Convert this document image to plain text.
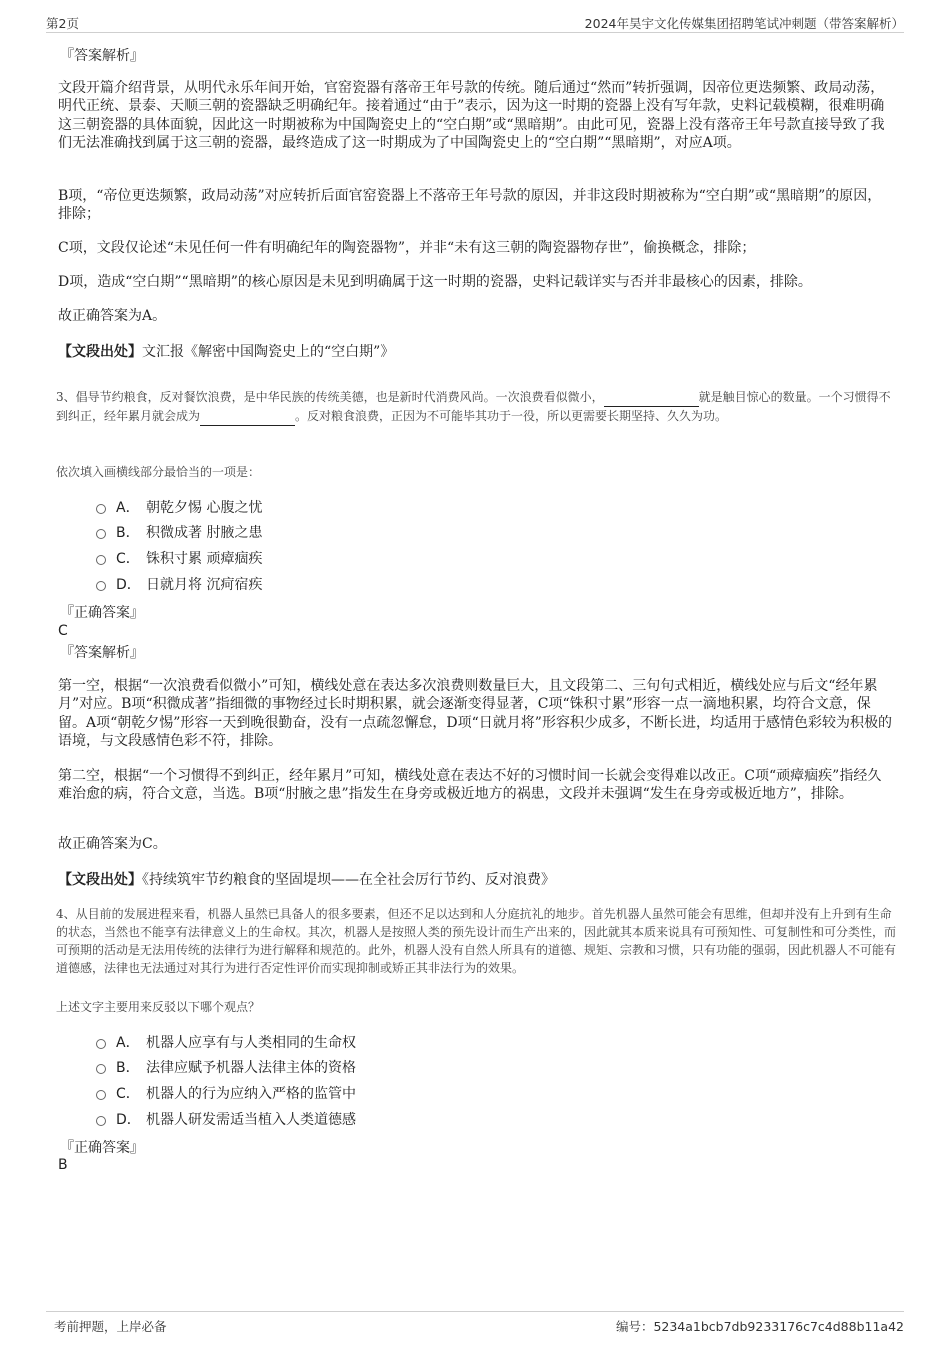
第2页	2024年昊宇文化传媒集团招聘笔试冲刺题（带答案解析）
『答案解析』

文段开篇介绍背景，从明代永乐年间开始，官窑瓷器有落帝王年号款的传统。随后通过“然而”转折强调，因帝位更迭频繁、政局动荡，明代正统、景泰、天顺三朝的瓷器缺乏明确纪年。接着通过“由于”表示，因为这一时期的瓷器上没有写年款，史料记载模糊，很难明确这三朝瓷器的具体面貌，因此这一时期被称为中国陶瓷史上的“空白期”或“黑暗期”。由此可见，瓷器上没有落帝王年号款直接导致了我们无法准确找到属于这三朝的瓷器，最终造成了这一时期成为了中国陶瓷史上的“空白期”“黑暗期”，对应A项。

B项，“帝位更迭频繁，政局动荡”对应转折后面官窑瓷器上不落帝王年号款的原因，并非这段时期被称为“空白期”或“黑暗期”的原因，排除；

C项，文段仅论述“未见任何一件有明确纪年的陶瓷器物”，并非“未有这三朝的陶瓷器物存世”，偷换概念，排除；

D项，造成“空白期”“黑暗期”的核心原因是未见到明确属于这一时期的瓷器，史料记载详实与否并非最核心的因素，排除。

故正确答案为A。

【文段出处】文汇报《解密中国陶瓷史上的“空白期”》

3、倡导节约粮食，反对餐饮浪费，是中华民族的传统美德，也是新时代消费风尚。一次浪费看似微小，	就是触目惊心的数量。一个习惯得不到纠正，经年累月就会成为	。反对粮食浪费，正因为不可能毕其功于一役，所以更需要长期坚持、久久为功。

依次填入画横线部分最恰当的一项是：
A． 朝乾夕惕 心腹之忧
B． 积微成著 肘腋之患
C． 铢积寸累 顽瘴痼疾
D． 日就月将 沉疴宿疾
『正确答案』
C
『答案解析』

第一空，根据“一次浪费看似微小”可知，横线处意在表达多次浪费则数量巨大，且文段第二、三句句式相近，横线处应与后文“经年累月”对应。B项“积微成著”指细微的事物经过长时期积累，就会逐渐变得显著，C项“铢积寸累”形容一点一滴地积累，均符合文意，保留。A项“朝乾夕惕”形容一天到晚很勤奋，没有一点疏忽懈怠，D项“日就月将”形容积少成多，不断长进，均适用于感情色彩较为积极的语境，与文段感情色彩不符，排除。

第二空，根据“一个习惯得不到纠正，经年累月”可知，横线处意在表达不好的习惯时间一长就会变得难以改正。C项“顽瘴痼疾”指经久难治愈的病，符合文意，当选。B项“肘腋之患”指发生在身旁或极近地方的祸患，文段并未强调“发生在身旁或极近地方”，排除。

故正确答案为C。

【文段出处】《持续筑牢节约粮食的坚固堤坝——在全社会厉行节约、反对浪费》

4、从目前的发展进程来看，机器人虽然已具备人的很多要素，但还不足以达到和人分庭抗礼的地步。首先机器人虽然可能会有思维，但却并没有上升到有生命的状态，当然也不能享有法律意义上的生命权。其次，机器人是按照人类的预先设计而生产出来的，因此就其本质来说具有可预知性、可复制性和可分类性，而可预期的活动是无法用传统的法律行为进行解释和规范的。此外，机器人没有自然人所具有的道德、规矩、宗教和习惯，只有功能的强弱，因此机器人不可能有道德感，法律也无法通过对其行为进行否定性评价而实现抑制或矫正其非法行为的效果。

上述文字主要用来反驳以下哪个观点？
A． 机器人应享有与人类相同的生命权
B． 法律应赋予机器人法律主体的资格
C． 机器人的行为应纳入严格的监管中
D． 机器人研发需适当植入人类道德感
『正确答案』
B
考前押题，上岸必备	编号：5234a1bcb7db9233176c7c4d88b11a42
